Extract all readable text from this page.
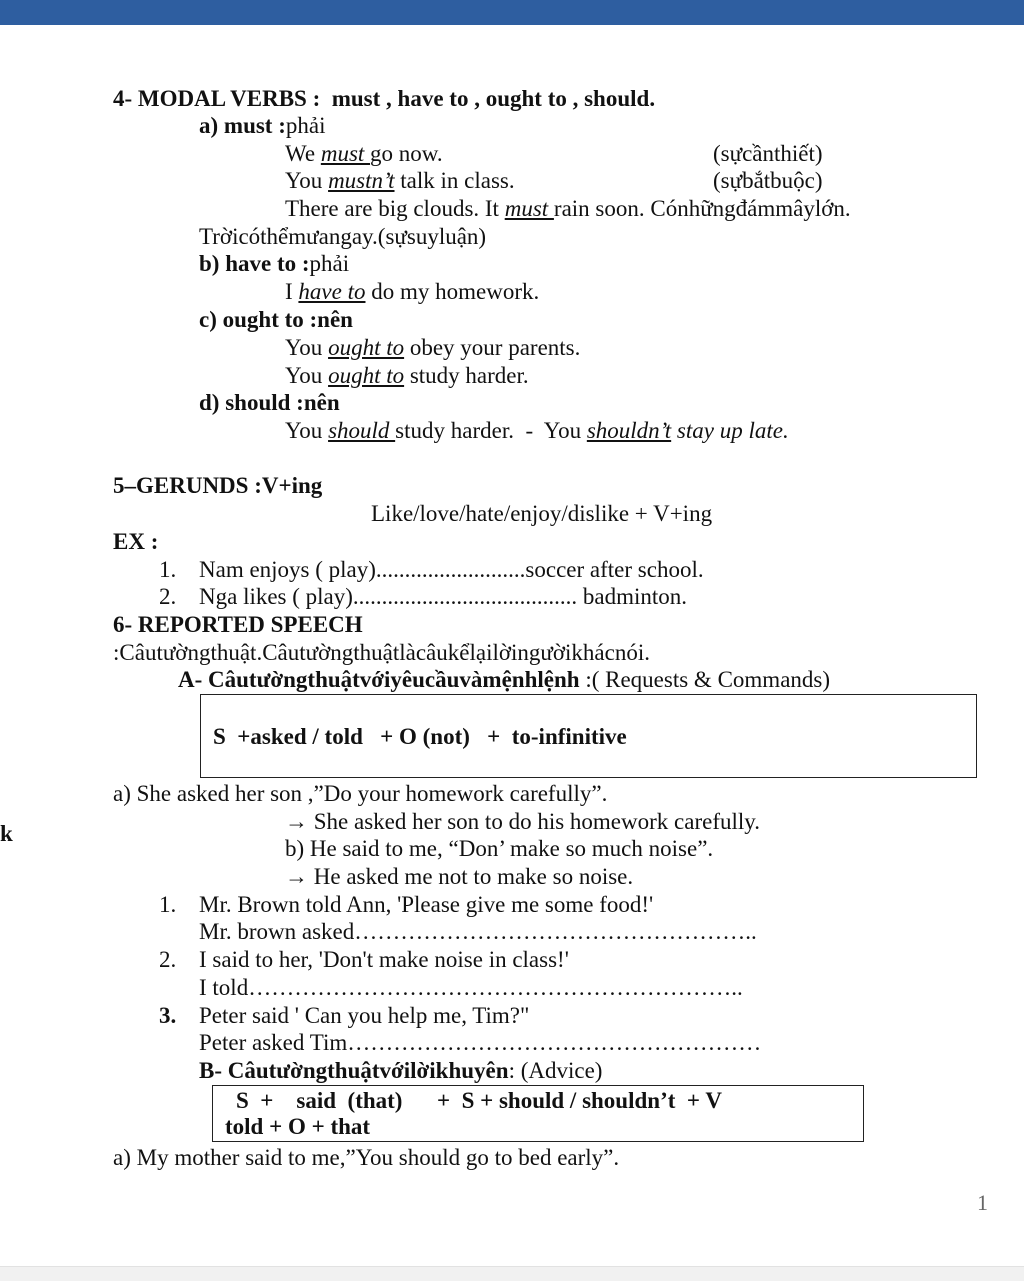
4- MODAL VERBS :  must , have to , ought to , should.
a) must :phải
We must go now.	(sựcầnthiết)
You mustn’t talk in class.	(sựbắtbuộc)
There are big clouds. It must rain soon. Cónhữngđámmâylớn.
Trờicóthểmưangay.(sựsuyluận)
b) have to :phải
I have to do my homework.
c) ought to :nên
You ought to obey your parents.
You ought to study harder.
d) should :nên
You should study harder.  -  You shouldn’t stay up late.
5–GERUNDS :V+ing
Like/love/hate/enjoy/dislike + V+ing
EX :
1. Nam enjoys ( play)..........................soccer after school.
2. Nga likes ( play)....................................... badminton.
6- REPORTED SPEECH
:Câutườngthuật.Câutườngthuậtlàcâukểlạilờingườikhácnói.
A- Câutườngthuậtvớiyêucầuvàmệnhlệnh :( Requests & Commands)
S  +asked / told   + O (not)   +  to-infinitive
a) She asked her son ,”Do your homework carefully”.
→ She asked her son to do his homework carefully.
b) He said to me, “Don’ make so much noise”.
→ He asked me not to make so noise.
1. Mr. Brown told Ann, 'Please give me some food!'
Mr. brown asked……………………………………………..
2. I said to her, 'Don't make noise in class!'
I told………………………………………………………..
3. Peter said ' Can you help me, Tim?"
Peter asked Tim………………………………………………
B- Câutườngthuậtvớilờikhuyên: (Advice)
S  +    said  (that)      +  S + should / shouldn’t  + V
told + O + that
a) My mother said to me,”You should go to bed early”.
k
1
